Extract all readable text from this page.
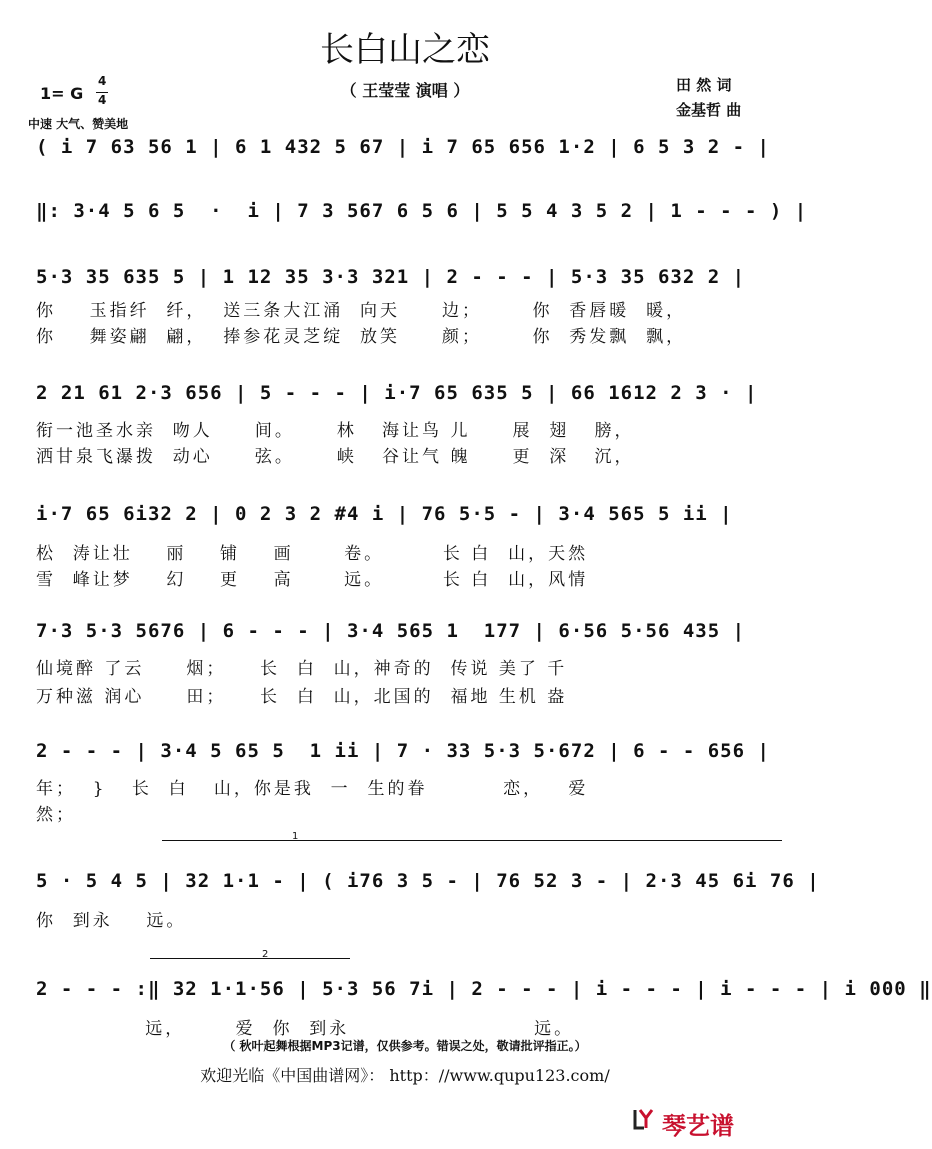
长白山之恋
（ 王莹莹 演唱 ）	田 然 词
金基哲 曲
1= G
4
4
中速 大气、赞美地
( i 7 63 56 1 | 6 1 432 5 67 | i 7 65 656 1·2 | 6 5 3 2 - |
‖: 3·4 5 6 5  ·  i | 7 3 567 6 5 6 | 5 5 4 3 5 2 | 1 - - - ) |
5·3 35 635 5 | 1 12 35 3·3 321 | 2 - - - | 5·3 35 632 2 |
你    玉指纤  纤，  送三条大江涌  向天     边；      你  香唇暖  暖，
你    舞姿翩  翩，  捧参花灵芝绽  放笑     颜；      你  秀发飘  飘，
2 21 61 2·3 656 | 5 - - - | i·7 65 635 5 | 66 1612 2 3 · |
衔一池圣水亲  吻人     间。     林   海让鸟 儿     展  翅   膀，
洒甘泉飞瀑拨  动心     弦。     峡   谷让气 魄     更  深   沉，
i·7 65 6i32 2 | 0 2 3 2 #4 i | 76 5·5 - | 3·4 565 5 ii |
松  涛让壮    丽    铺    画      卷。       长 白  山，天然
雪  峰让梦    幻    更    高      远。       长 白  山，风情
7·3 5·3 5676 | 6 - - - | 3·4 565 1  177 | 6·56 5·56 435 |
仙境醉 了云     烟；    长  白  山，神奇的  传说 美了 千
万种滋 润心     田；    长  白  山，北国的  福地 生机 盎
2 - - - | 3·4 5 65 5  1 ii | 7 · 33 5·3 5·672 | 6 - - 656 |
年；  }   长  白   山，你是我  一  生的眷         恋，   爱
然；
1
5 · 5 4 5 | 32 1·1 - | ( i76 3 5 - | 76 52 3 - | 2·3 45 6i 76 |
你  到永    远。
2
2 - - - :‖ 32 1·1·56 | 5·3 56 7i | 2 - - - | i - - - | i - - - | i 000 ‖
远，      爱  你  到永                      远。
（ 秋叶起舞根据MP3记谱，仅供参考。错误之处，敬请批评指正。）
欢迎光临《中国曲谱网》： http：//www.qupu123.com/
琴艺谱
